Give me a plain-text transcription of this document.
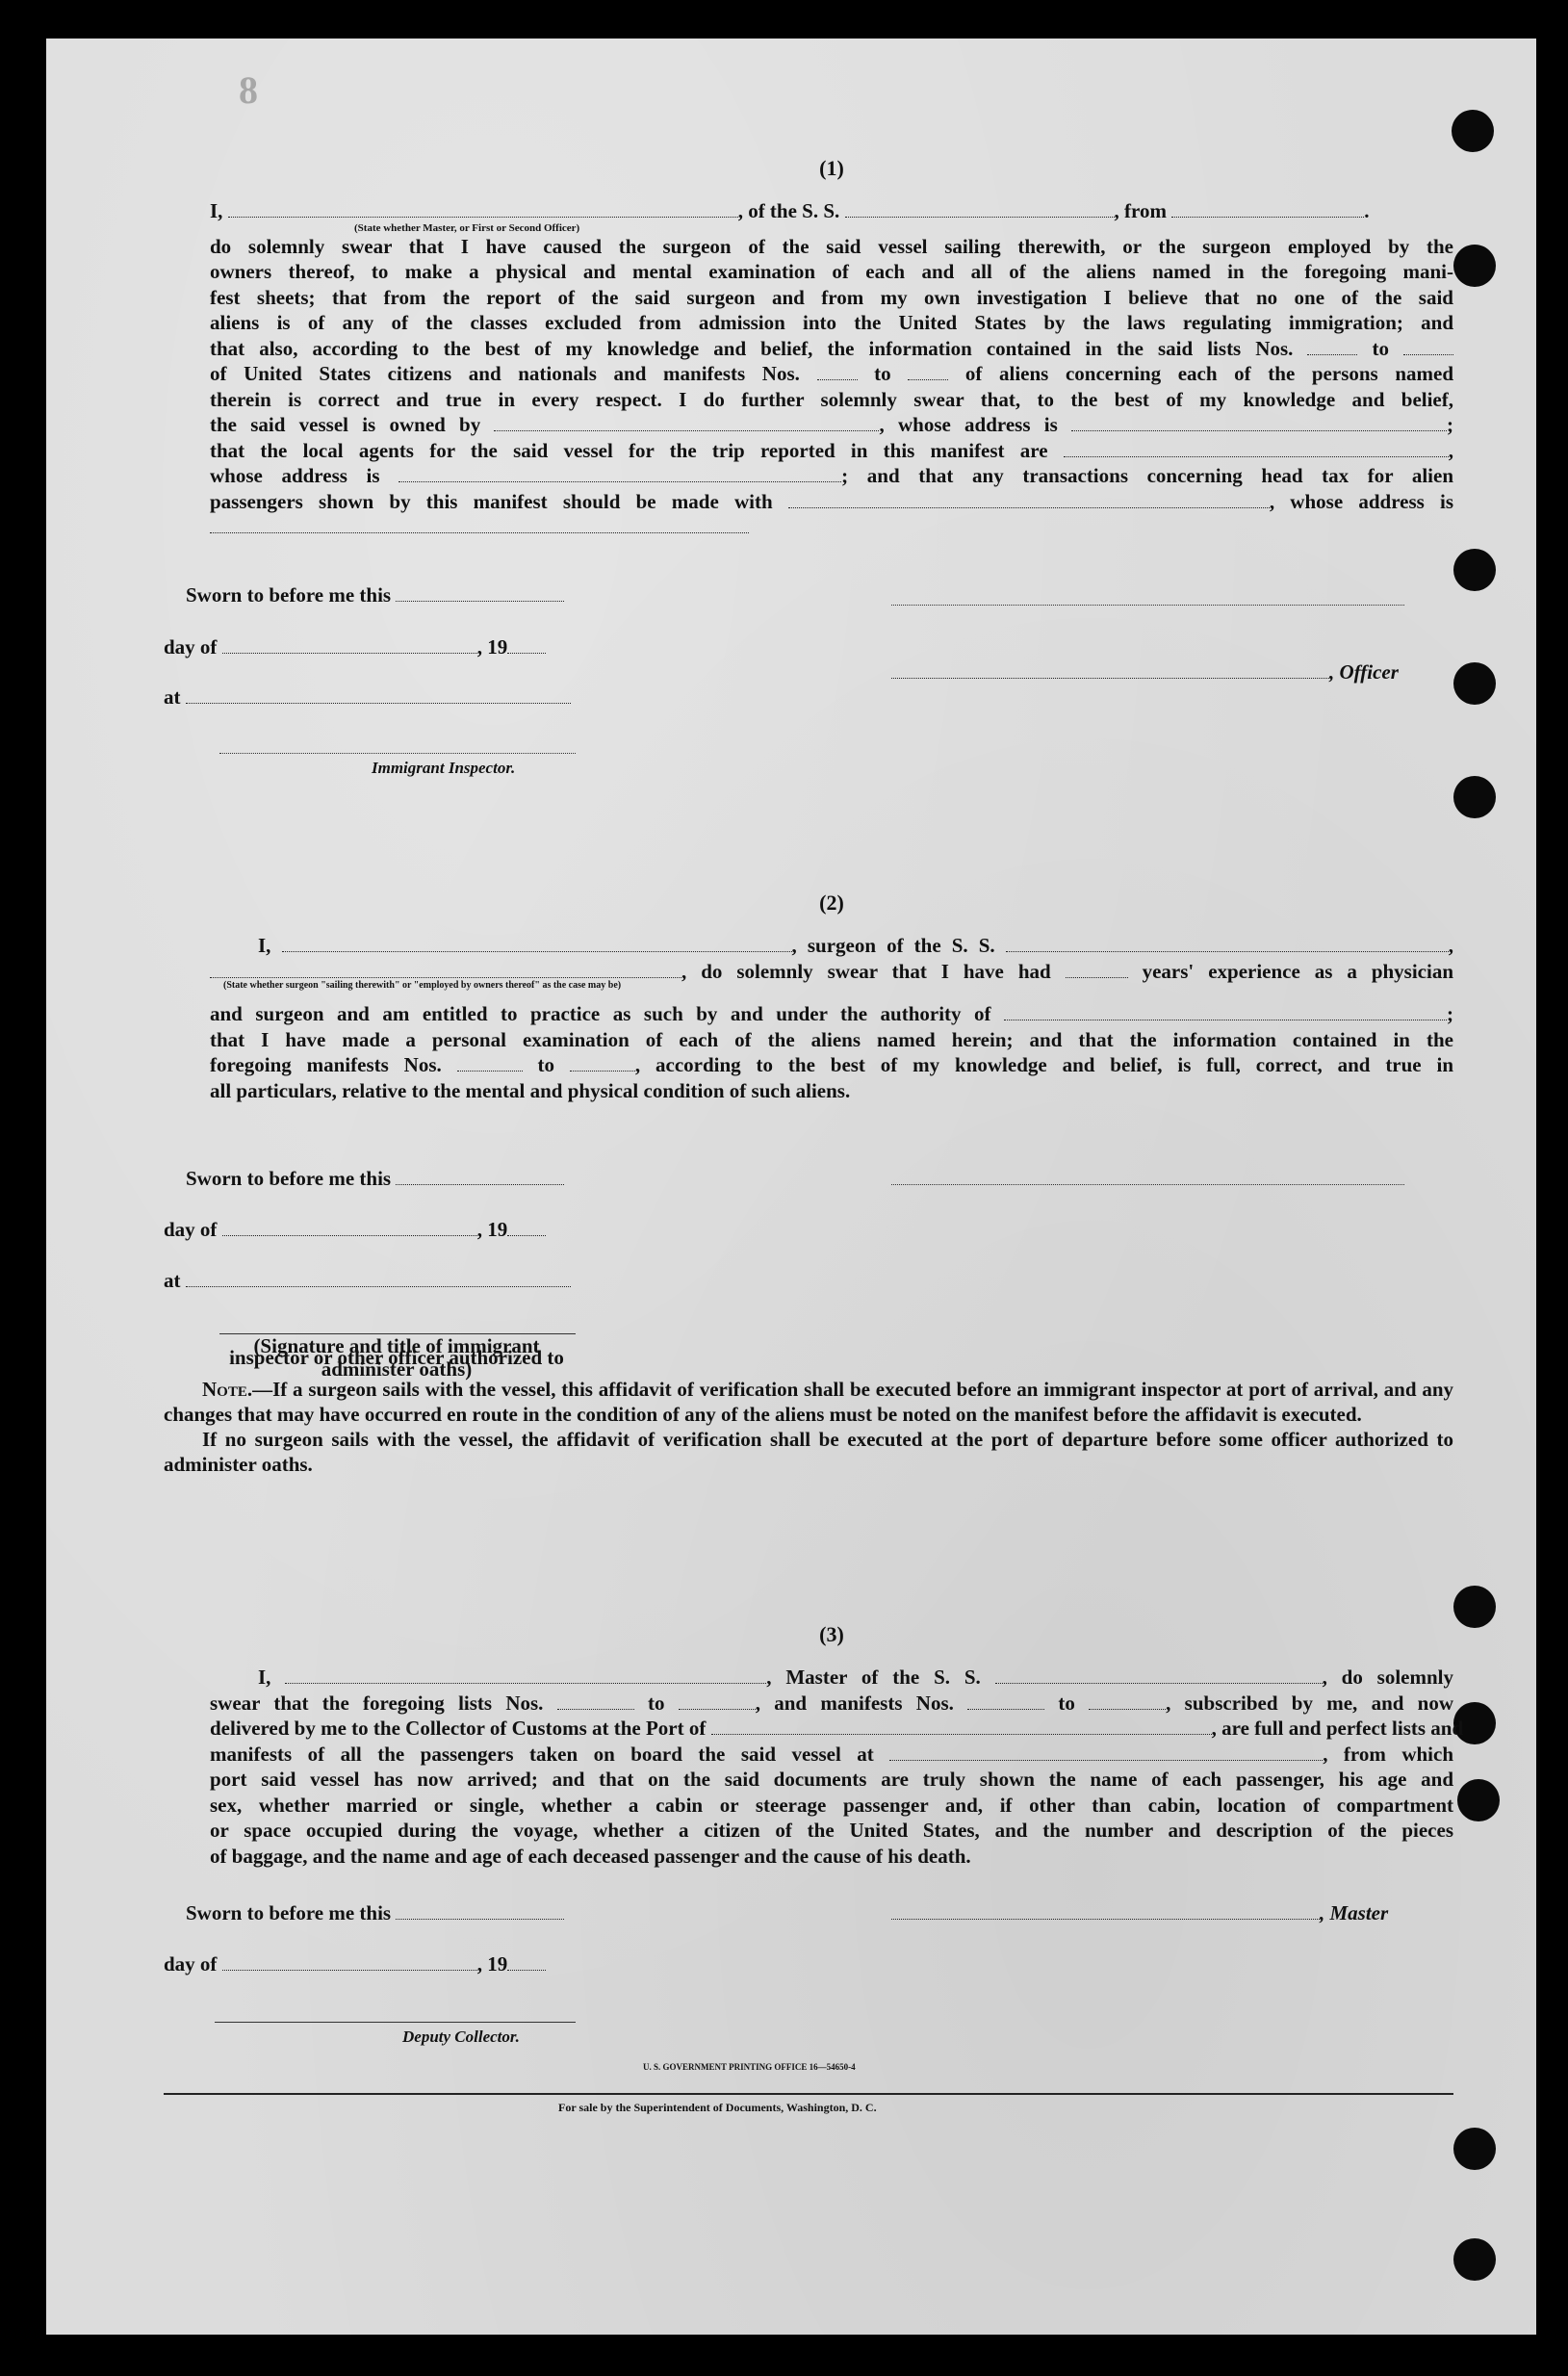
8
(1)
I,	, of the S. S.	, from	.
(State whether Master, or First or Second Officer)
do solemnly swear that I have caused the surgeon of the said vessel sailing therewith, or the surgeon employed by the
owners thereof, to make a physical and mental examination of each and all of the aliens named in the foregoing mani-
fest sheets; that from the report of the said surgeon and from my own investigation I believe that no one of the said
aliens is of any of the classes excluded from admission into the United States by the laws regulating immigration; and
that also, according to the best of my knowledge and belief, the information contained in the said lists Nos.	to
of United States citizens and nationals and manifests Nos.	to	of aliens concerning each of the persons named
therein is correct and true in every respect. I do further solemnly swear that, to the best of my knowledge and belief,
the said vessel is owned by	, whose address is	;
that the local agents for the said vessel for the trip reported in this manifest are	,
whose address is	; and that any transactions concerning head tax for alien
passengers shown by this manifest should be made with	, whose address is
Sworn to before me this
day of	, 19
at
Immigrant Inspector.
, Officer
(2)
I,	, surgeon of the S. S.	,
, do solemnly swear that I have had	years' experience as a physician
(State whether surgeon "sailing therewith" or "employed by owners thereof" as the case may be)
and surgeon and am entitled to practice as such by and under the authority of	;
that I have made a personal examination of each of the aliens named herein; and that the information contained in the
foregoing manifests Nos.	to	, according to the best of my knowledge and belief, is full, correct, and true in
all particulars, relative to the mental and physical condition of such aliens.
Sworn to before me this
day of	, 19
at
(Signature and title of immigrant inspector or other officer authorized to administer oaths)

Note.—If a surgeon sails with the vessel, this affidavit of verification shall be executed before an immigrant inspector at port of arrival, and any changes that may have occurred en route in the condition of any of the aliens must be noted on the manifest before the affidavit is executed.

If no surgeon sails with the vessel, the affidavit of verification shall be executed at the port of departure before some officer authorized to administer oaths.

(3)
I,	, Master of the S. S.	, do solemnly
swear that the foregoing lists Nos.	to	, and manifests Nos.	to	, subscribed by me, and now
delivered by me to the Collector of Customs at the Port of	, are full and perfect lists and
manifests of all the passengers taken on board the said vessel at	, from which
port said vessel has now arrived; and that on the said documents are truly shown the name of each passenger, his age and
sex, whether married or single, whether a cabin or steerage passenger and, if other than cabin, location of compartment
or space occupied during the voyage, whether a citizen of the United States, and the number and description of the pieces
of baggage, and the name and age of each deceased passenger and the cause of his death.
Sworn to before me this	, Master
day of	, 19
Deputy Collector.
U. S. GOVERNMENT PRINTING OFFICE 16—54650-4
For sale by the Superintendent of Documents, Washington, D. C.
